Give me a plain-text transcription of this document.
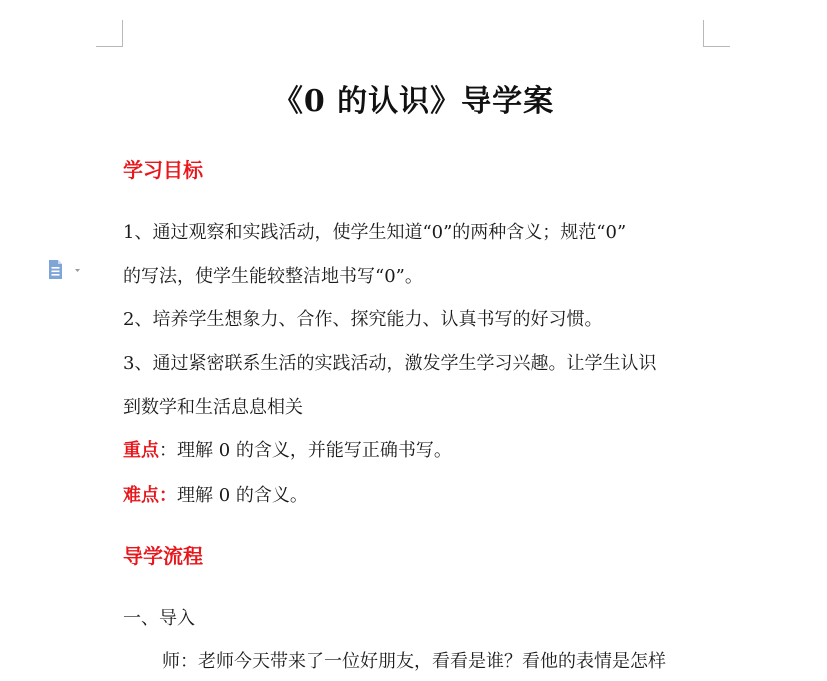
《0 的认识》导学案
学习目标
1、通过观察和实践活动，使学生知道“0”的两种含义；规范“0”
的写法，使学生能较整洁地书写“0”。
2、培养学生想象力、合作、探究能力、认真书写的好习惯。
3、通过紧密联系生活的实践活动，激发学生学习兴趣。让学生认识
到数学和生活息息相关
重点：理解 0 的含义，并能写正确书写。
难点：理解 0 的含义。
导学流程
一、导入
师：老师今天带来了一位好朋友，看看是谁？看他的表情是怎样
